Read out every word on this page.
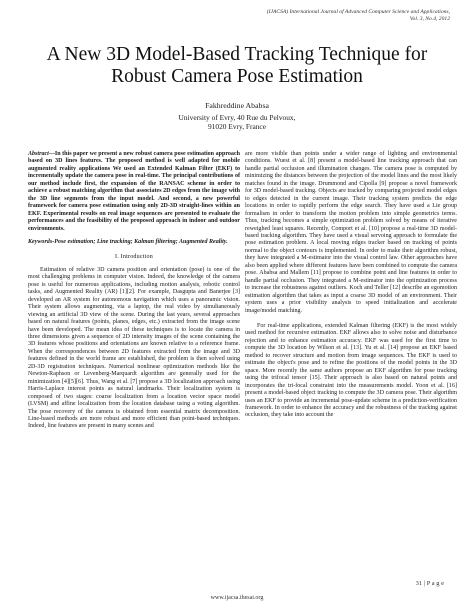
(IJACSA) International Journal of Advanced Computer Science and Applications,
Vol. 3, No.4, 2012
A New 3D Model-Based Tracking Technique for
Robust Camera Pose Estimation
Fakhreddine Ababsa
University of Evry, 40 Rue du Pelvoux,
91020 Evry, France

Abstract—In this paper we present a new robust camera pose estimation approach based on 3D lines features. The proposed method is well adapted for mobile augmented reality applications We used an Extended Kalman Filter (EKF) to incrementally update the camera pose in real-time. The principal contributions of our method include first, the expansion of the RANSAC scheme in order to achieve a robust matching algorithm that associates 2D edges from the image with the 3D line segments from the input model. And second, a new powerful framework for camera pose estimation using only 2D-3D straight-lines within an EKF. Experimental results on real image sequences are presented to evaluate the performances and the feasibility of the proposed approach in indoor and outdoor environments.

Keywords-Pose estimation; Line tracking; Kalman filtering; Augmented Reality.

I. Introduction

Estimation of relative 3D camera position and orientation (pose) is one of the most challenging problems in computer vision. Indeed, the knowledge of the camera pose is useful for numerous applications, including motion analysis, robotic control tasks, and Augmented Reality (AR) [1][2]. For example, Dasgupta and Banerjee [3] developed an AR system for autonomous navigation which uses a panoramic vision. Their system allows augmenting, via a laptop, the real video by simultaneously viewing an artificial 3D view of the scene. During the last years, several approaches based on natural features (points, planes, edges, etc.) extracted from the image scene have been developed. The mean idea of these techniques is to locate the camera in three dimensions given a sequence of 2D intensity images of the scene containing the 3D features whose positions and orientations are known relative to a reference frame. When the correspondences between 2D features extracted from the image and 3D features defined in the world frame are established, the problem is then solved using 2D-3D registration techniques. Numerical nonlinear optimization methods like the Newton-Raphson or Levenberg-Marquardt algorithm are generally used for the minimization [4][5][6]. Thus, Wang et al. [7] propose a 3D localization approach using Harris-Laplace interest points as natural landmarks. Their localization system is composed of two stages: coarse localization from a location vector space model (LVSM) and affine localization from the location database using a voting algorithm. The pose recovery of the camera is obtained from essential matrix decomposition. Line-based methods are more robust and more efficient than point-based techniques. Indeed, line features are present in many scenes and

are more visible than points under a wider range of lighting and environmental conditions. Wuest et al. [8] present a model-based line tracking approach that can handle partial occlusion and illumination changes. The camera pose is computed by minimizing the distances between the projection of the model lines and the most likely matches found in the image. Drummond and Cipolla [9] propose a novel framework for 3D model-based tracking. Objects are tracked by comparing projected model edges to edges detected in the current image. Their tracking system predicts the edge locations in order to rapidly perform the edge search. They have used a Lie group formalism in order to transform the motion problem into simple geometrics terms. Thus, tracking becomes a simple optimization problem solved by means of iterative reweighed least squares. Recently, Comport et al. [10] propose a real-time 3D model-based tracking algorithm. They have used a visual servoing approach to formulate the pose estimation problem. A local moving edges tracker based on tracking of points normal to the object contours is implemented. In order to make their algorithm robust, they have integrated a M-estimator into the visual control law. Other approaches have also been applied where different features have been combined to compute the camera pose. Ababsa and Mallem [11] propose to combine point and line features in order to handle partial occlusion. They integrated a M-estimator into the optimization process to increase the robustness against outliers. Koch and Teller [12] describe an egomotion estimation algorithm that takes as input a coarse 3D model of an environment. Their system uses a prior visibility analysis to speed initialization and accelerate image/model matching.

For real-time applications, extended Kalman filtering (EKF) is the most widely used method for recursive estimation. EKF allows also to solve noise and disturbance rejection and to enhance estimation accuracy. EKF was used for the first time to compute the 3D location by Wilson et al. [13]. Yu et al. [14] propose an EKF based method to recover structure and motion from image sequences. The EKF is used to estimate the object's pose and to refine the positions of the model points in the 3D space. More recently the same authors propose an EKF algorithm for pose tracking using the trifocal tensor [15]. Their approach is also based on natural points and incorporates the tri-focal constraint into the measurements model. Yoon et al. [16] present a model-based object tracking to compute the 3D camera pose. Their algorithm uses an EKF to provide an incremental pose-update scheme in a prediction-verification framework. In order to enhance the accuracy and the robustness of the tracking against occlusion, they take into account the

31 | P a g e
www.ijacsa.thesai.org
